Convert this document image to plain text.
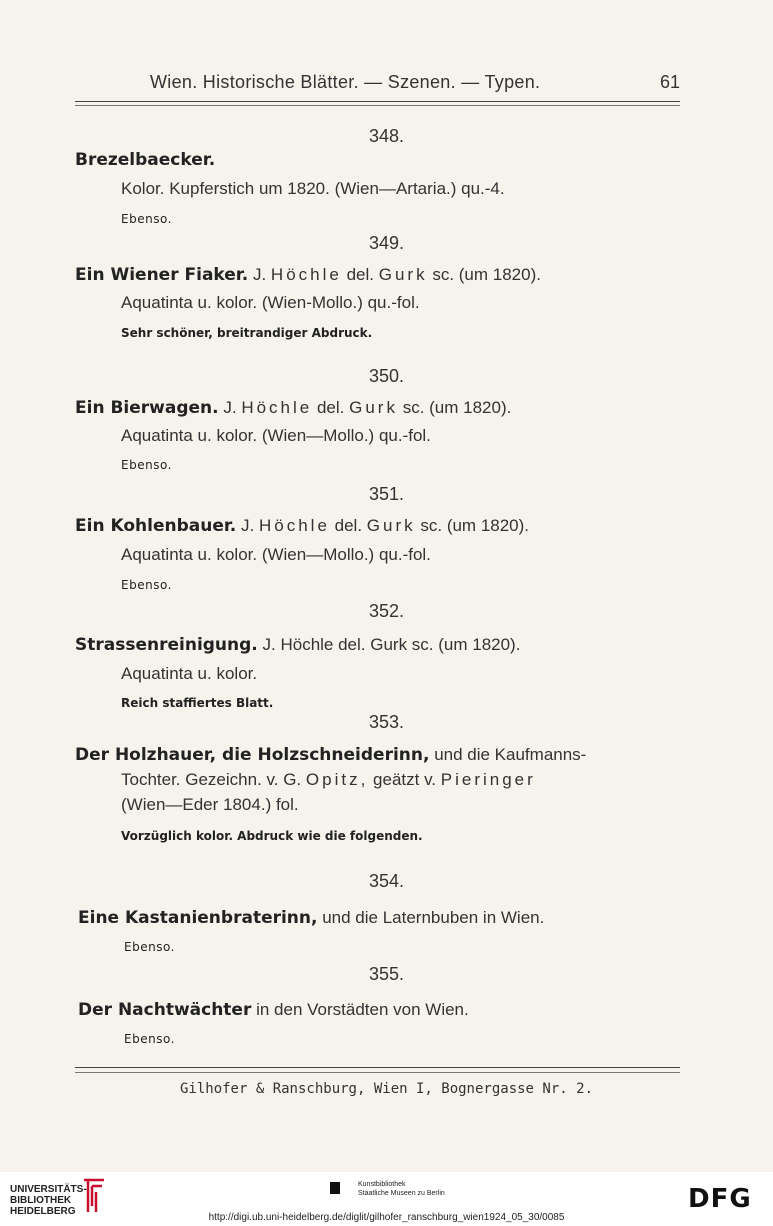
Wien. Historische Blätter. — Szenen. — Typen.	61
348.
Brezelbaecker.
Kolor. Kupferstich um 1820. (Wien—Artaria.) qu.-4.
Ebenso.
349.
Ein Wiener Fiaker. J. Höchle del. Gurk sc. (um 1820).
Aquatinta u. kolor. (Wien-Mollo.) qu.-fol.
Sehr schöner, breitrandiger Abdruck.
350.
Ein Bierwagen. J. Höchle del. Gurk sc. (um 1820).
Aquatinta u. kolor. (Wien—Mollo.) qu.-fol.
Ebenso.
351.
Ein Kohlenbauer. J. Höchle del. Gurk sc. (um 1820).
Aquatinta u. kolor. (Wien—Mollo.) qu.-fol.
Ebenso.
352.
Strassenreinigung. J. Höchle del. Gurk sc. (um 1820).
Aquatinta u. kolor.
Reich staffiertes Blatt.
353.
Der Holzhauer, die Holzschneiderinn, und die Kaufmanns-
Tochter. Gezeichn. v. G. Opitz, geätzt v. Pieringer
(Wien—Eder 1804.) fol.
Vorzüglich kolor. Abdruck wie die folgenden.
354.
Eine Kastanienbraterinn, und die Laternbuben in Wien.
Ebenso.
355.
Der Nachtwächter in den Vorstädten von Wien.
Ebenso.
Gilhofer & Ranschburg, Wien I, Bognergasse Nr. 2.
UNIVERSITÄTS-
BIBLIOTHEK
HEIDELBERG
Kunstbibliothek
Staatliche Museen zu Berlin	DFG
http://digi.ub.uni-heidelberg.de/diglit/gilhofer_ranschburg_wien1924_05_30/0085
